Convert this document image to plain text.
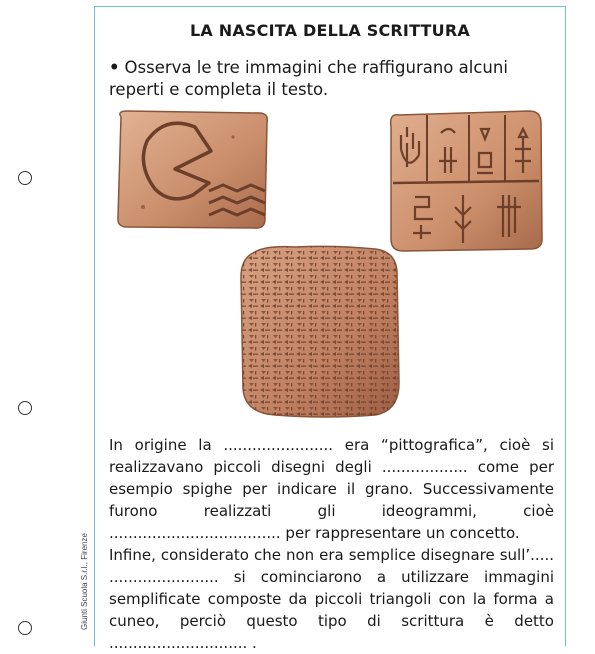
Giunti Scuola S.r.l., Firenze
LA NASCITA DELLA SCRITTURA
• Osserva le tre immagini che raffigurano alcuni reperti e completa il testo.

In origine la ....................... era “pittografica”, cioè si realizzavano piccoli disegni degli .................. come per esempio spighe per indicare il grano. Successivamente furono realizzati gli ideogrammi, cioè .................................... per rappresentare un concetto.

Infine, considerato che non era semplice disegnare sull’..... ....................... si cominciarono a utilizzare immagini semplificate composte da piccoli triangoli con la forma a cuneo, perciò questo tipo di scrittura è detto ............................. .
